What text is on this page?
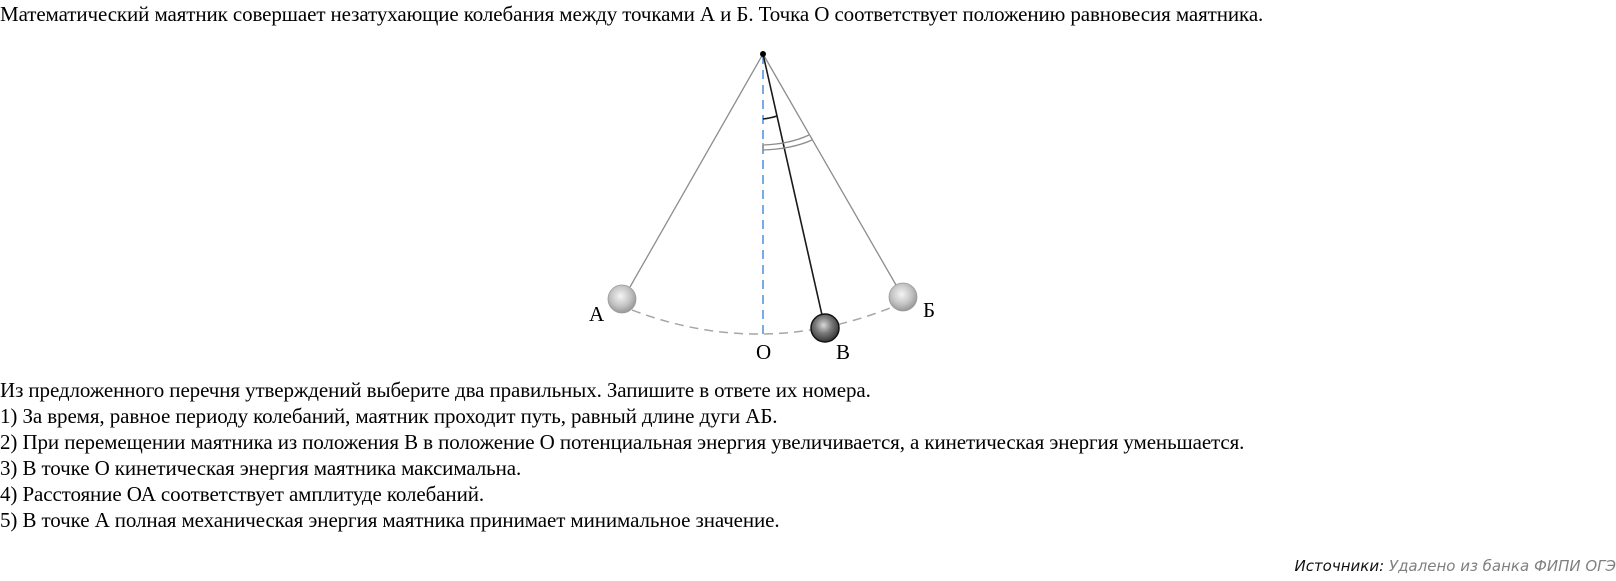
Математический маятник совершает незатухающие колебания между точками А и Б. Точка О соответствует положению равновесия маятника.
А	Б
О	В
Из предложенного перечня утверждений выберите два правильных. Запишите в ответе их номера.
1) За время, равное периоду колебаний, маятник проходит путь, равный длине дуги АБ.
2) При перемещении маятника из положения В в положение О потенциальная энергия увеличивается, а кинетическая энергия уменьшается.
3) В точке О кинетическая энергия маятника максимальна.
4) Расстояние ОА соответствует амплитуде колебаний.
5) В точке А полная механическая энергия маятника принимает минимальное значение.
Источники: Удалено из банка ФИПИ ОГЭ
